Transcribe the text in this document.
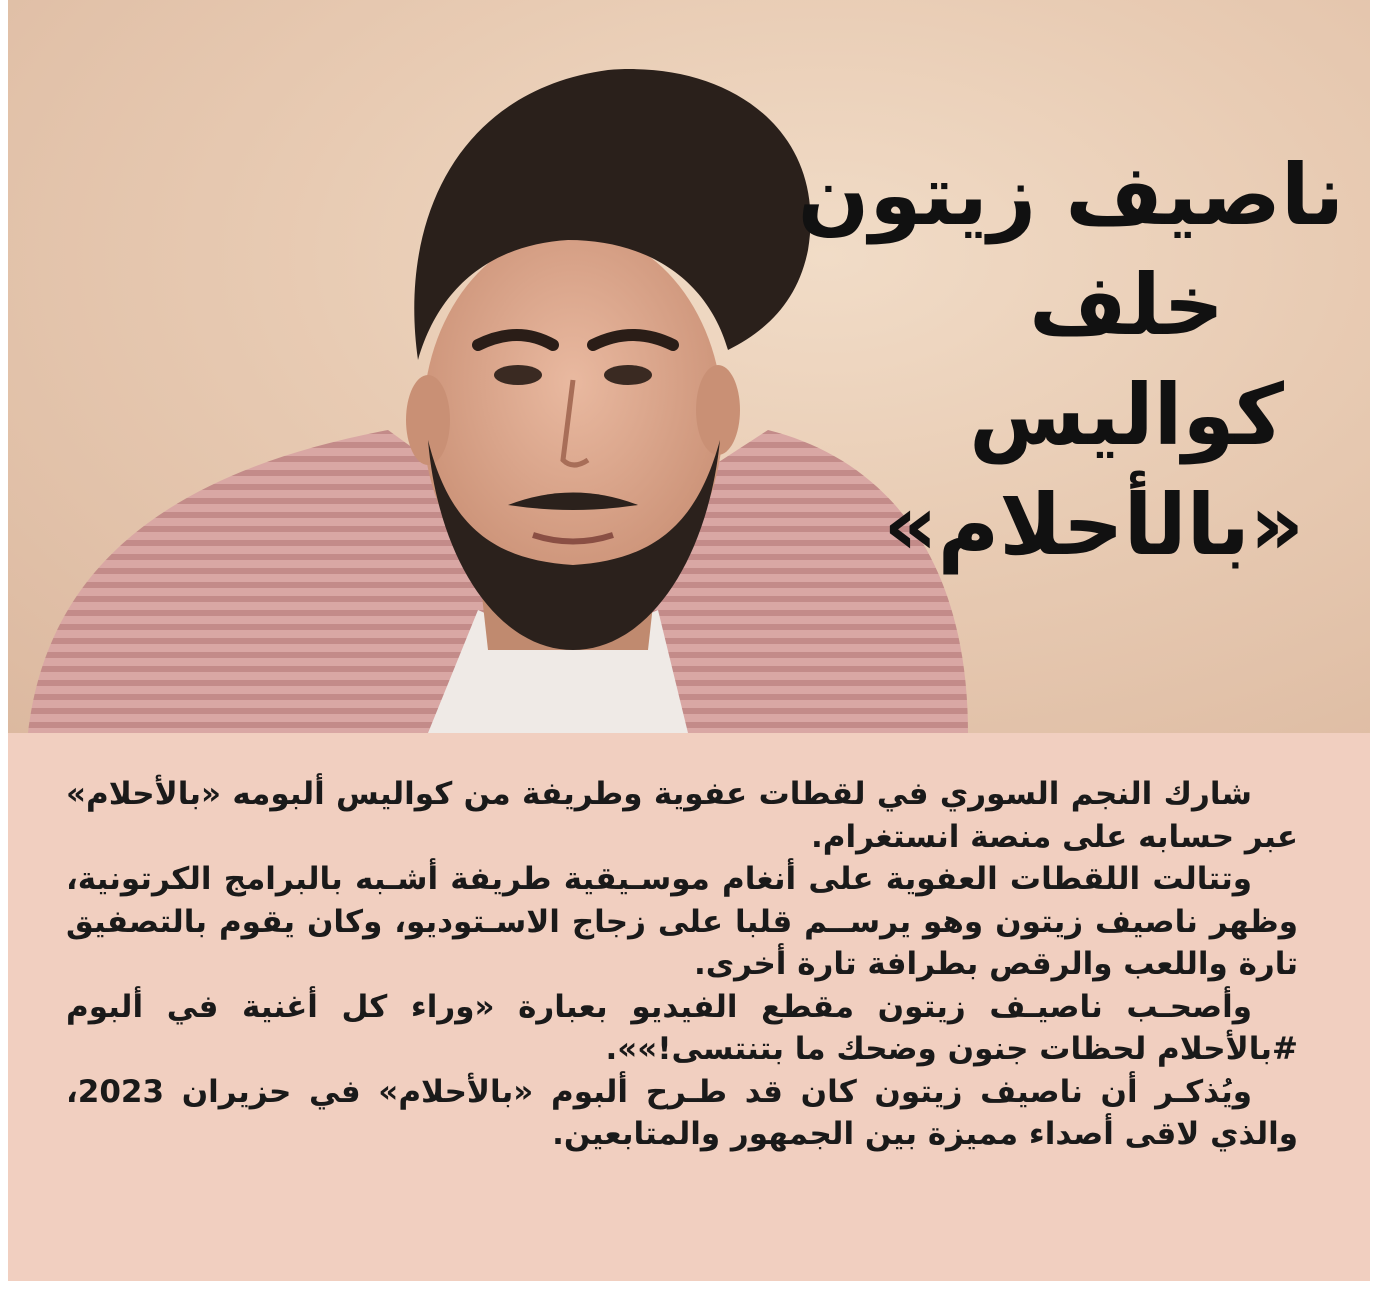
ناصيف زيتون
خلف
كواليس
«بالأحلام»

شارك النجم السوري في لقطات عفوية وطريفة من كواليس ألبومه «بالأحلام» عبر حسابه على منصة انستغرام.

وتتالت اللقطات العفوية على أنغام موسـيقية طريفة أشـبه بالبرامج الكرتونية، وظهر ناصيف زيتون وهو يرســم قلبا على زجاج الاسـتوديو، وكان يقوم بالتصفيق تارة واللعب والرقص بطرافة تارة أخرى.

وأصحـب ناصيـف زيتون مقطع الفيديو بعبارة «وراء كل أغنية في ألبوم #بالأحلام لحظات جنون وضحك ما بتنتسى!»».

ويُذكـر أن ناصيف زيتون كان قد طـرح ألبوم «بالأحلام» في حزيران 2023، والذي لاقى أصداء مميزة بين الجمهور والمتابعين.
